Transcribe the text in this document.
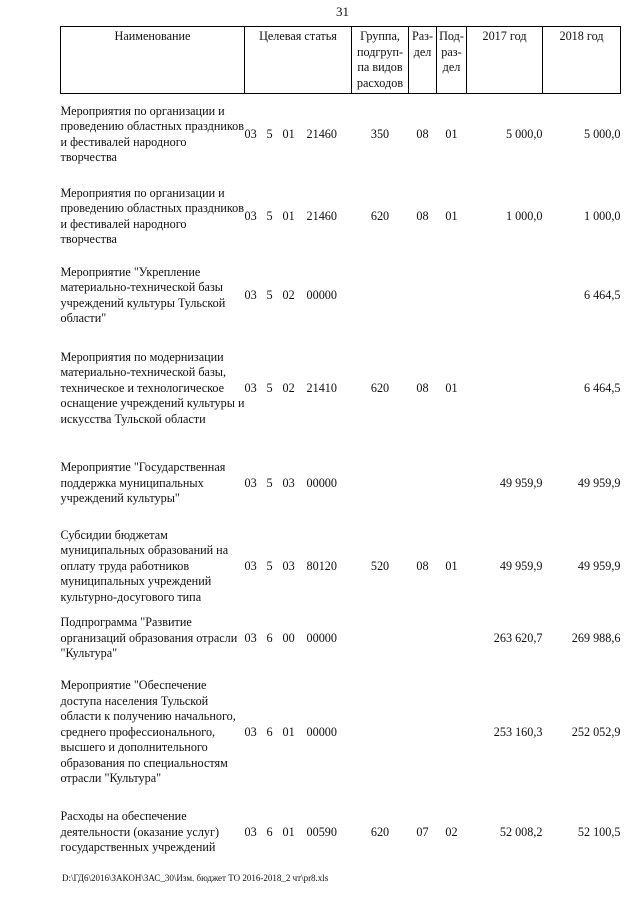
31
Наименование	Целевая статья	Группа, подгруп- па видов расходов	Раз- дел	Под- раз- дел	2017 год	2018 год
Мероприятия по организации и проведению областных праздников и фестивалей народного творчества	03 5 01 21460	350	08	01	5 000,0	5 000,0
Мероприятия по организации и проведению областных праздников и фестивалей народного творчества	03 5 01 21460	620	08	01	1 000,0	1 000,0
Мероприятие "Укрепление материально-технической базы учреждений культуры Тульской области"	03 5 02 00000					6 464,5
Мероприятия по модернизации материально-технической базы, техническое и технологическое оснащение учреждений культуры и искусства Тульской области	03 5 02 21410	620	08	01		6 464,5
Мероприятие "Государственная поддержка муниципальных учреждений культуры"	03 5 03 00000				49 959,9	49 959,9
Субсидии бюджетам муниципальных образований на оплату труда работников муниципальных учреждений культурно-досугового типа	03 5 03 80120	520	08	01	49 959,9	49 959,9
Подпрограмма "Развитие организаций образования отрасли "Культура"	03 6 00 00000				263 620,7	269 988,6
Мероприятие "Обеспечение доступа населения Тульской области к получению начального, среднего профессионального, высшего и дополнительного образования по специальностям отрасли "Культура"	03 6 01 00000				253 160,3	252 052,9
Расходы на обеспечение деятельности (оказание услуг) государственных учреждений	03 6 01 00590	620	07	02	52 008,2	52 100,5
D:\ГД6\2016\ЗАКОН\ЗАС_30\Изм. бюджет ТО 2016-2018_2 чт\pr8.xls
